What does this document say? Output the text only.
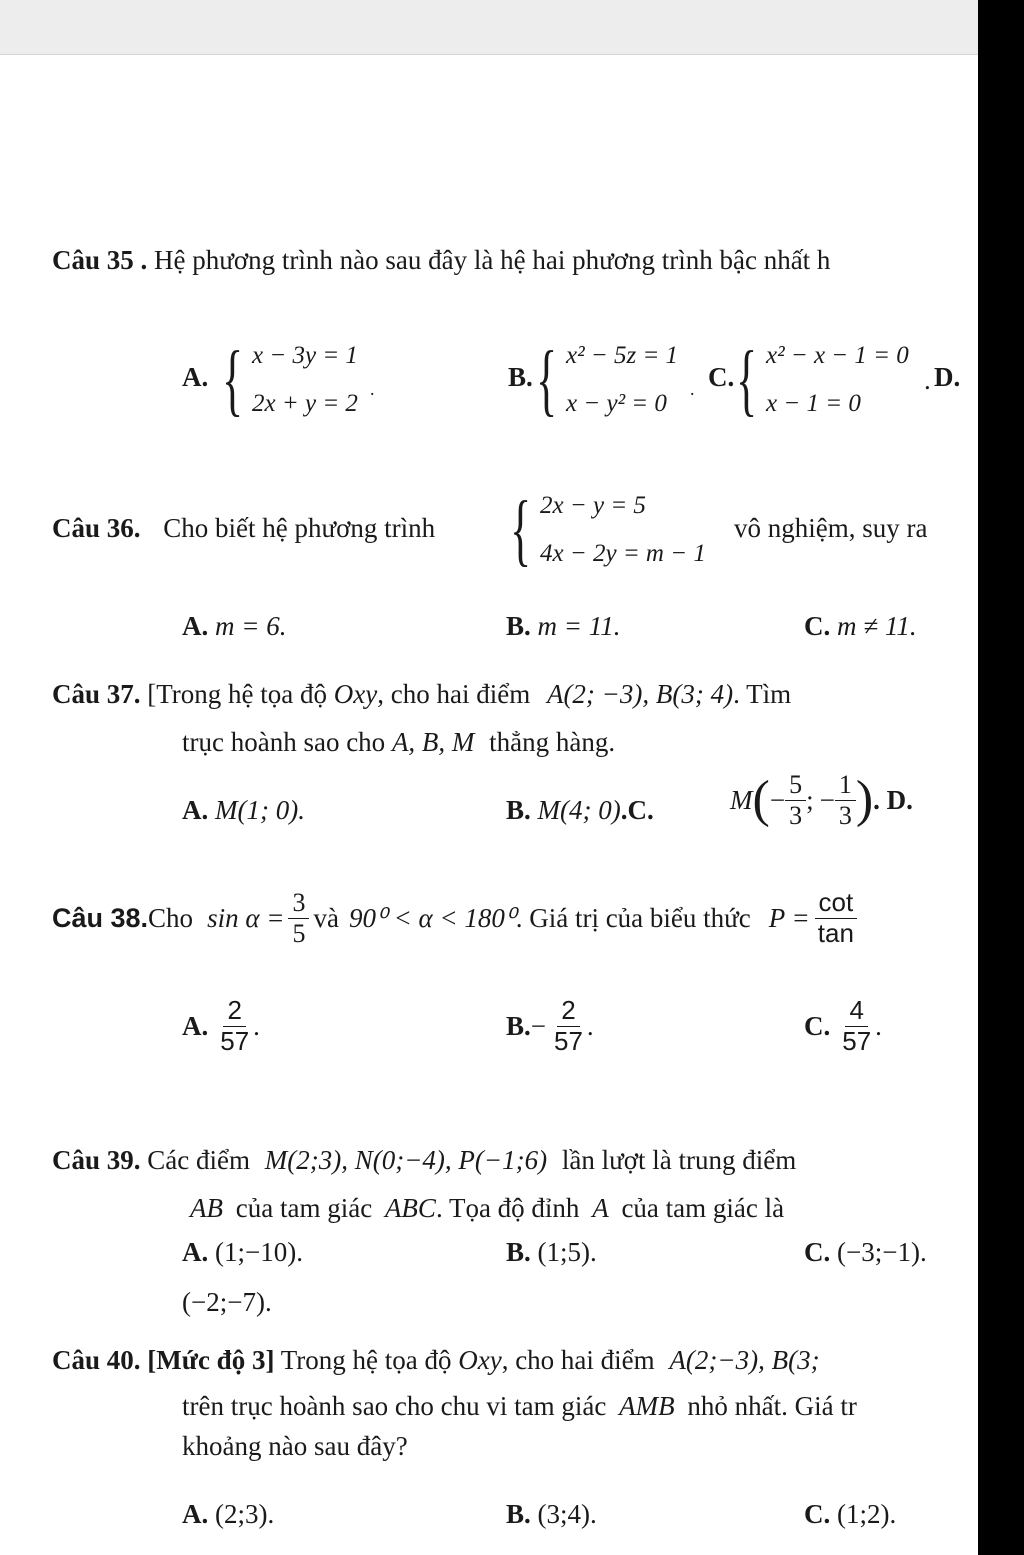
Câu 35 . Hệ phương trình nào sau đây là hệ hai phương trình bậc nhất h
A. { x − 3y = 1
2x + y = 2
.	B. { x² − 5z = 1
x − y² = 0
. C. { x² − x − 1 = 0
x − 1 = 0
. D.
Câu 36. Cho biết hệ phương trình { 2x − y = 5
4x − 2y = m − 1
vô nghiệm, suy ra
A. m = 6.	B. m = 11.	C. m ≠ 11.
Câu 37. [Trong hệ tọa độ Oxy, cho hai điểm A(2; −3), B(3; 4). Tìm
trục hoành sao cho A, B, M thẳng hàng.
A. M(1; 0).	B. M(4; 0).C.	M ( − $\frac{5}{3}$ ; − $\frac{1}{3}$ ) . D.
Câu 38. Cho $\sin \alpha = \frac{3}{5}$ và 90⁰ < α < 180⁰ . Giá trị của biểu thức $P = \frac{\cot}{\tan}$
A. $\frac{2}{57}$ .	B. − $\frac{2}{57}$ .	C. $\frac{4}{57}$ .
Câu 39. Các điểm M(2;3), N(0;−4), P(−1;6) lần lượt là trung điểm
AB của tam giác ABC. Tọa độ đỉnh A của tam giác là
A. (1;−10).	B. (1;5).	C. (−3;−1).
(−2;−7).
Câu 40. [Mức độ 3] Trong hệ tọa độ Oxy, cho hai điểm A(2;−3), B(3;
trên trục hoành sao cho chu vi tam giác AMB nhỏ nhất. Giá tr
khoảng nào sau đây?
A. (2;3).	B. (3;4).	C. (1;2).
